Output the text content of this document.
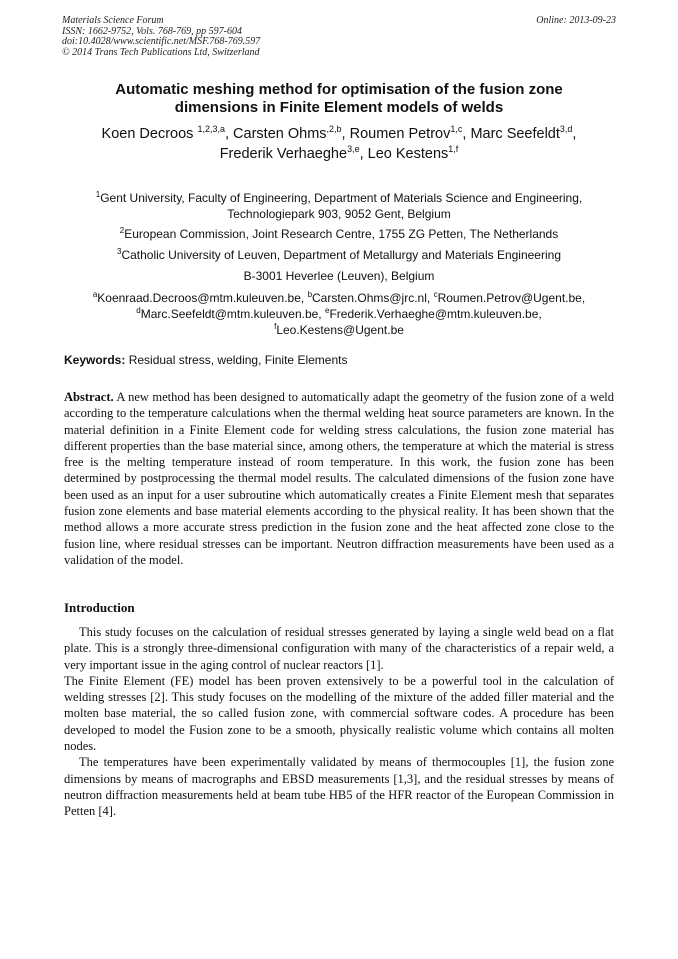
Materials Science Forum
ISSN: 1662-9752, Vols. 768-769, pp 597-604
doi:10.4028/www.scientific.net/MSF.768-769.597
© 2014 Trans Tech Publications Ltd, Switzerland
Online: 2013-09-23
Automatic meshing method for optimisation of the fusion zone
dimensions in Finite Element models of welds
Koen Decroos $^{1,2,3,a}$, Carsten Ohms$^{,2,b}$, Roumen Petrov$^{1,c}$, Marc Seefeldt$^{3,d}$,
Frederik Verhaeghe$^{3,e}$, Leo Kestens$^{1,f}$
$^1$Gent University, Faculty of Engineering, Department of Materials Science and Engineering,
Technologiepark 903, 9052 Gent, Belgium
$^2$European Commission, Joint Research Centre, 1755 ZG Petten, The Netherlands
$^3$Catholic University of Leuven, Department of Metallurgy and Materials Engineering
B-3001 Heverlee (Leuven), Belgium
$^a$Koenraad.Decroos@mtm.kuleuven.be, $^b$Carsten.Ohms@jrc.nl, $^c$Roumen.Petrov@Ugent.be,
$^d$Marc.Seefeldt@mtm.kuleuven.be, $^e$Frederik.Verhaeghe@mtm.kuleuven.be,
$^f$Leo.Kestens@Ugent.be
Keywords: Residual stress, welding, Finite Elements
Abstract. A new method has been designed to automatically adapt the geometry of the fusion zone of a weld according to the temperature calculations when the thermal welding heat source parameters are known. In the material definition in a Finite Element code for welding stress calculations, the fusion zone material has different properties than the base material since, among others, the temperature at which the material is stress free is the melting temperature instead of room temperature. In this work, the fusion zone has been determined by postprocessing the thermal model results. The calculated dimensions of the fusion zone have been used as an input for a user subroutine which automatically creates a Finite Element mesh that separates fusion zone elements and base material elements according to the physical reality. It has been shown that the method allows a more accurate stress prediction in the fusion zone and the heat affected zone close to the fusion line, where residual stresses can be important. Neutron diffraction measurements have been used as a validation of the model.
Introduction

This study focuses on the calculation of residual stresses generated by laying a single weld bead on a flat plate. This is a strongly three-dimensional configuration with many of the characteristics of a repair weld, a very important issue in the aging control of nuclear reactors [1].

The Finite Element (FE) model has been proven extensively to be a powerful tool in the calculation of welding stresses [2]. This study focuses on the modelling of the mixture of the added filler material and the molten base material, the so called fusion zone, with commercial software codes. A procedure has been developed to model the Fusion zone to be a smooth, physically realistic volume which contains all molten nodes.

The temperatures have been experimentally validated by means of thermocouples [1], the fusion zone dimensions by means of macrographs and EBSD measurements [1,3], and the residual stresses by means of neutron diffraction measurements held at beam tube HB5 of the HFR reactor of the European Commission in Petten [4].
